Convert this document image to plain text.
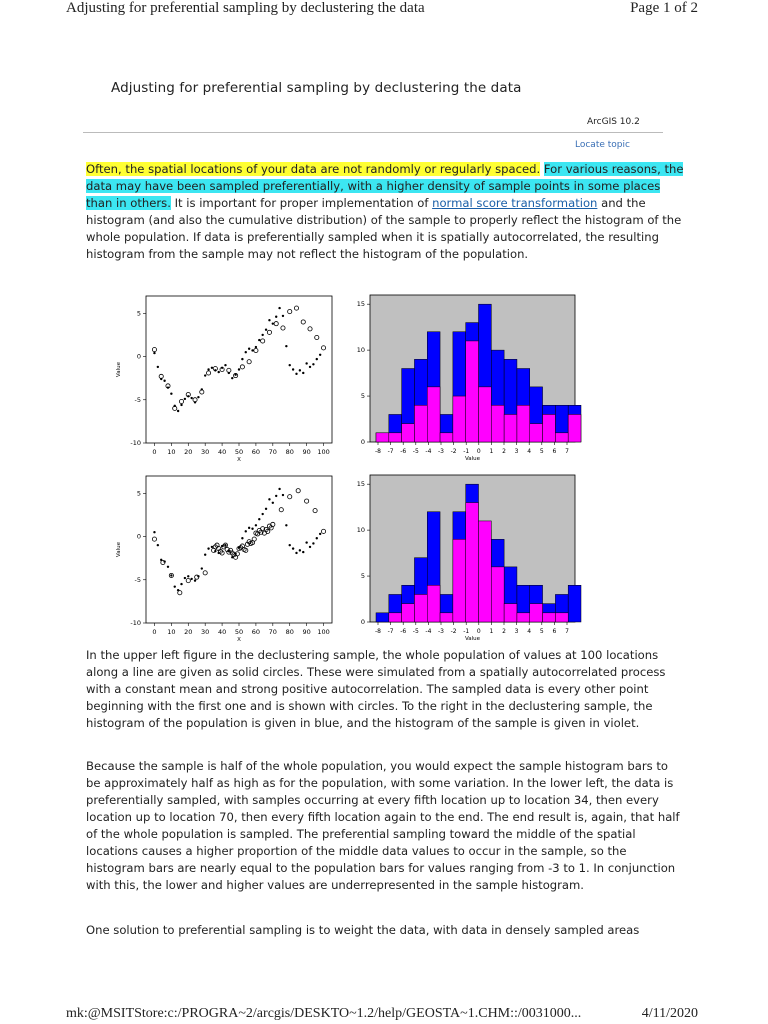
Adjusting for preferential sampling by declustering the data	Page 1 of 2
Adjusting for preferential sampling by declustering the data
ArcGIS 10.2
Locate topic
Often, the spatial locations of your data are not randomly or regularly spaced. For various reasons, the data may have been sampled preferentially, with a higher density of sample points in some places than in others. It is important for proper implementation of normal score transformation and the histogram (and also the cumulative distribution) of the sample to properly reflect the histogram of the whole population. If data is preferentially sampled when it is spatially autocorrelated, the resulting histogram from the sample may not reflect the histogram of the population.
5
0
-5
-10
0 10 20 30 40 50 60 70 80 90 100
X
Value
15
10
5
0
-8 -7 -6 -5 -4 -3 -2 -1 0 1 2 3 4 5 6 7
Value
5
0
-5
-10
0 10 20 30 40 50 60 70 80 90 100
X
Value
15
10
5
0
-8 -7 -6 -5 -4 -3 -2 -1 0 1 2 3 4 5 6 7
Value
In the upper left figure in the declustering sample, the whole population of values at 100 locations along a line are given as solid circles. These were simulated from a spatially autocorrelated process with a constant mean and strong positive autocorrelation. The sampled data is every other point beginning with the first one and is shown with circles. To the right in the declustering sample, the histogram of the population is given in blue, and the histogram of the sample is given in violet.
Because the sample is half of the whole population, you would expect the sample histogram bars to be approximately half as high as for the population, with some variation. In the lower left, the data is preferentially sampled, with samples occurring at every fifth location up to location 34, then every location up to location 70, then every fifth location again to the end. The end result is, again, that half of the whole population is sampled. The preferential sampling toward the middle of the spatial locations causes a higher proportion of the middle data values to occur in the sample, so the histogram bars are nearly equal to the population bars for values ranging from -3 to 1. In conjunction with this, the lower and higher values are underrepresented in the sample histogram.
One solution to preferential sampling is to weight the data, with data in densely sampled areas
mk:@MSITStore:c:/PROGRA~2/arcgis/DESKTO~1.2/help/GEOSTA~1.CHM::/0031000...	4/11/2020
